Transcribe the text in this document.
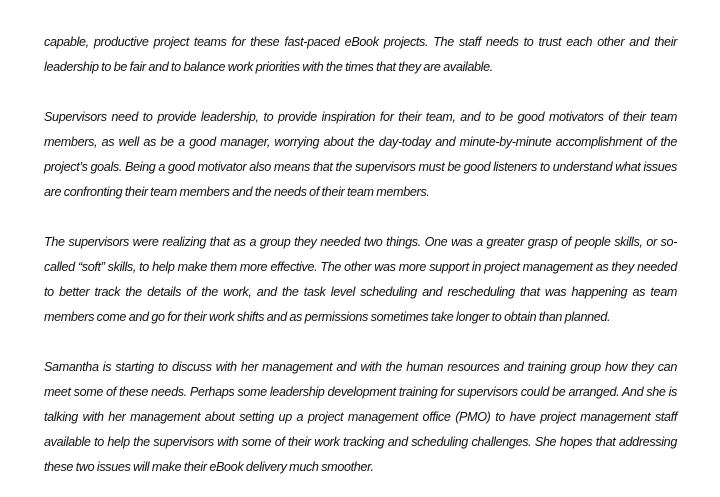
capable, productive project teams for these fast-paced eBook projects. The staff needs to trust each other and their leadership to be fair and to balance work priorities with the times that they are available.

Supervisors need to provide leadership, to provide inspiration for their team, and to be good motivators of their team members, as well as be a good manager, worrying about the day-today and minute-by-minute accomplishment of the project’s goals. Being a good motivator also means that the supervisors must be good listeners to understand what issues are confronting their team members and the needs of their team members.

The supervisors were realizing that as a group they needed two things. One was a greater grasp of people skills, or so-called “soft” skills, to help make them more effective. The other was more support in project management as they needed to better track the details of the work, and the task level scheduling and rescheduling that was happening as team members come and go for their work shifts and as permissions sometimes take longer to obtain than planned.

Samantha is starting to discuss with her management and with the human resources and training group how they can meet some of these needs. Perhaps some leadership development training for supervisors could be arranged. And she is talking with her management about setting up a project management office (PMO) to have project management staff available to help the supervisors with some of their work tracking and scheduling challenges. She hopes that addressing these two issues will make their eBook delivery much smoother.
